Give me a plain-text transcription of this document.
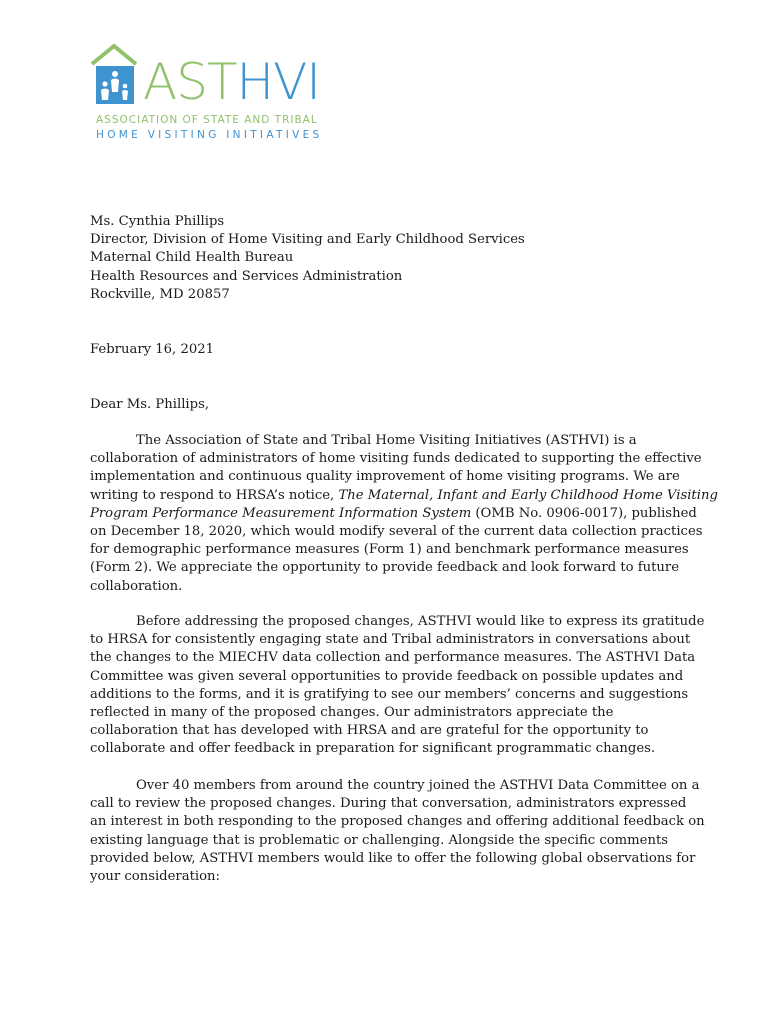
ASTHVI
ASSOCIATION OF STATE AND TRIBAL
HOME VISITING INITIATIVES
Ms. Cynthia Phillips
Director, Division of Home Visiting and Early Childhood Services
Maternal Child Health Bureau
Health Resources and Services Administration
Rockville, MD 20857
February 16, 2021
Dear Ms. Phillips,
The Association of State and Tribal Home Visiting Initiatives (ASTHVI) is a
collaboration of administrators of home visiting funds dedicated to supporting the effective
implementation and continuous quality improvement of home visiting programs. We are
writing to respond to HRSA’s notice, The Maternal, Infant and Early Childhood Home Visiting
Program Performance Measurement Information System (OMB No. 0906-0017), published
on December 18, 2020, which would modify several of the current data collection practices
for demographic performance measures (Form 1) and benchmark performance measures
(Form 2). We appreciate the opportunity to provide feedback and look forward to future
collaboration.
Before addressing the proposed changes, ASTHVI would like to express its gratitude
to HRSA for consistently engaging state and Tribal administrators in conversations about
the changes to the MIECHV data collection and performance measures. The ASTHVI Data
Committee was given several opportunities to provide feedback on possible updates and
additions to the forms, and it is gratifying to see our members’ concerns and suggestions
reflected in many of the proposed changes. Our administrators appreciate the
collaboration that has developed with HRSA and are grateful for the opportunity to
collaborate and offer feedback in preparation for significant programmatic changes.
Over 40 members from around the country joined the ASTHVI Data Committee on a
call to review the proposed changes. During that conversation, administrators expressed
an interest in both responding to the proposed changes and offering additional feedback on
existing language that is problematic or challenging. Alongside the specific comments
provided below, ASTHVI members would like to offer the following global observations for
your consideration:
